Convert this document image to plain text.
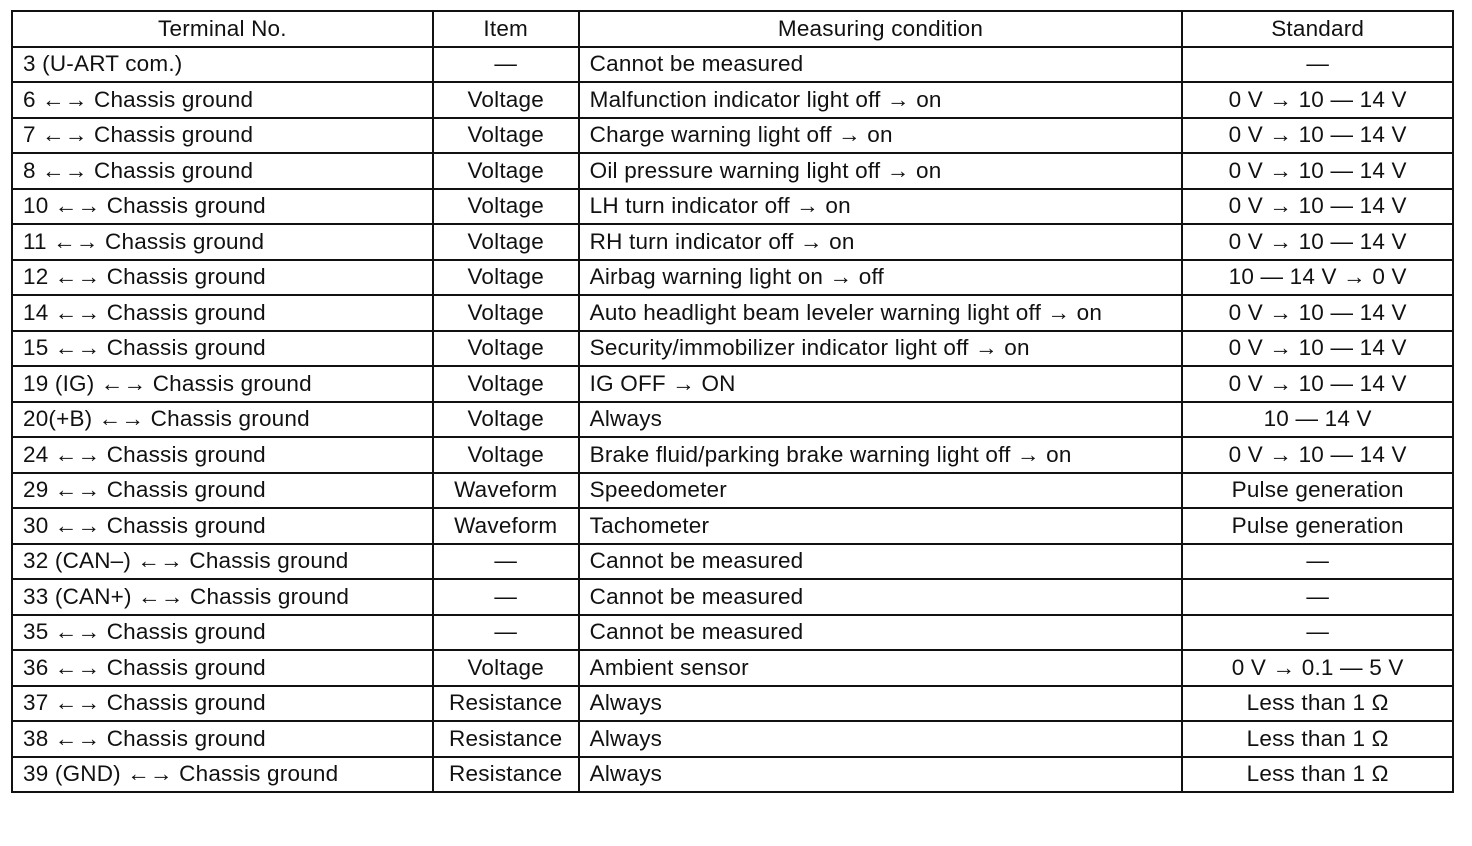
Terminal No.	Item	Measuring condition	Standard
3 (U-ART com.)	—	Cannot be measured	—
6 ←→ Chassis ground	Voltage	Malfunction indicator light off → on	0 V → 10 — 14 V
7 ←→ Chassis ground	Voltage	Charge warning light off → on	0 V → 10 — 14 V
8 ←→ Chassis ground	Voltage	Oil pressure warning light off → on	0 V → 10 — 14 V
10 ←→ Chassis ground	Voltage	LH turn indicator off → on	0 V → 10 — 14 V
11 ←→ Chassis ground	Voltage	RH turn indicator off → on	0 V → 10 — 14 V
12 ←→ Chassis ground	Voltage	Airbag warning light on → off	10 — 14 V → 0 V
14 ←→ Chassis ground	Voltage	Auto headlight beam leveler warning light off → on	0 V → 10 — 14 V
15 ←→ Chassis ground	Voltage	Security/immobilizer indicator light off → on	0 V → 10 — 14 V
19 (IG) ←→ Chassis ground	Voltage	IG OFF → ON	0 V → 10 — 14 V
20(+B) ←→ Chassis ground	Voltage	Always	10 — 14 V
24 ←→ Chassis ground	Voltage	Brake fluid/parking brake warning light off → on	0 V → 10 — 14 V
29 ←→ Chassis ground	Waveform	Speedometer	Pulse generation
30 ←→ Chassis ground	Waveform	Tachometer	Pulse generation
32 (CAN–) ←→ Chassis ground	—	Cannot be measured	—
33 (CAN+) ←→ Chassis ground	—	Cannot be measured	—
35 ←→ Chassis ground	—	Cannot be measured	—
36 ←→ Chassis ground	Voltage	Ambient sensor	0 V → 0.1 — 5 V
37 ←→ Chassis ground	Resistance	Always	Less than 1 Ω
38 ←→ Chassis ground	Resistance	Always	Less than 1 Ω
39 (GND) ←→ Chassis ground	Resistance	Always	Less than 1 Ω
